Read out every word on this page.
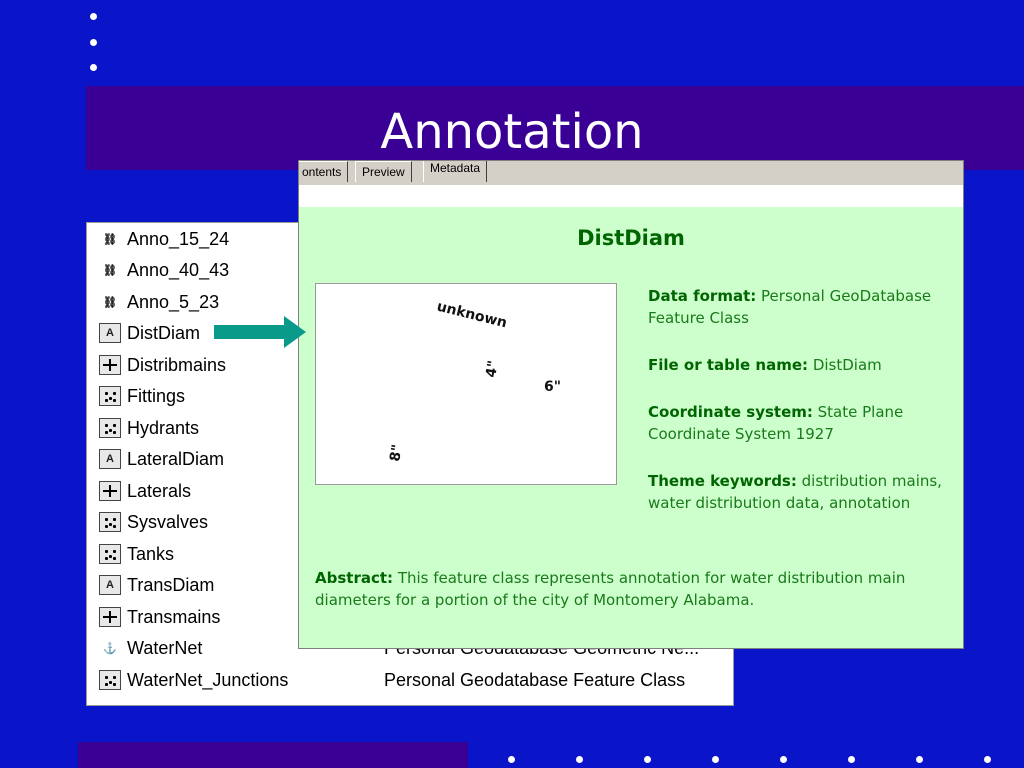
ontents	Preview	Metadata
DistDiam
unknown
4"
6"
8"

Data format: Personal GeoDatabase Feature Class

File or table name: DistDiam

Coordinate system: State Plane Coordinate System 1927

Theme keywords: distribution mains, water distribution data, annotation

Abstract: This feature class represents annotation for water distribution main diameters for a portion of the city of Montomery Alabama.
⛓ Anno_15_24
⛓ Anno_40_43
⛓ Anno_5_23
A DistDiam
Distribmains
Fittings
Hydrants
A LateralDiam
Laterals
Sysvalves
Tanks
A TransDiam
Transmains
⚓ WaterNet
WaterNet_Junctions	Personal Geodatabase Feature Class
Annotation
